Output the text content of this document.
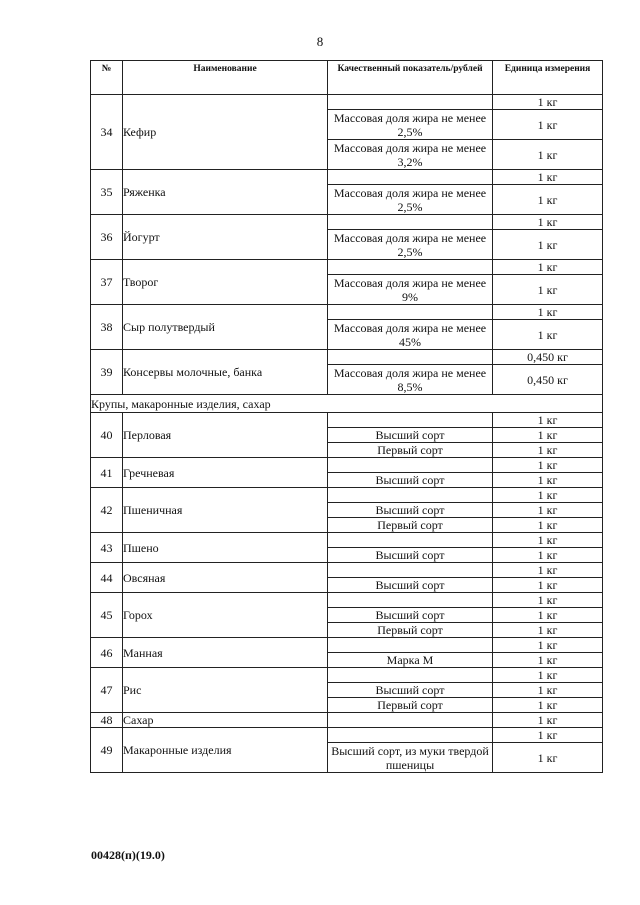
8
№	Наименование	Качественный показатель/рублей	Единица измерения
34	Кефир		1 кг
		Массовая доля жира не менее 2,5%	1 кг
		Массовая доля жира не менее 3,2%	1 кг
35	Ряженка		1 кг
		Массовая доля жира не менее 2,5%	1 кг
36	Йогурт		1 кг
		Массовая доля жира не менее 2,5%	1 кг
37	Творог		1 кг
		Массовая доля жира не менее 9%	1 кг
38	Сыр полутвердый		1 кг
		Массовая доля жира не менее 45%	1 кг
39	Консервы молочные, банка		0,450 кг
		Массовая доля жира не менее 8,5%	0,450 кг
Крупы, макаронные изделия, сахар			
40	Перловая		1 кг
		Высший сорт	1 кг
		Первый сорт	1 кг
41	Гречневая		1 кг
		Высший сорт	1 кг
42	Пшеничная		1 кг
		Высший сорт	1 кг
		Первый сорт	1 кг
43	Пшено		1 кг
		Высший сорт	1 кг
44	Овсяная		1 кг
		Высший сорт	1 кг
45	Горох		1 кг
		Высший сорт	1 кг
		Первый сорт	1 кг
46	Манная		1 кг
		Марка М	1 кг
47	Рис		1 кг
		Высший сорт	1 кг
		Первый сорт	1 кг
48	Сахар		1 кг
49	Макаронные изделия		1 кг
		Высший сорт, из муки твердой пшеницы	1 кг
00428(п)(19.0)
